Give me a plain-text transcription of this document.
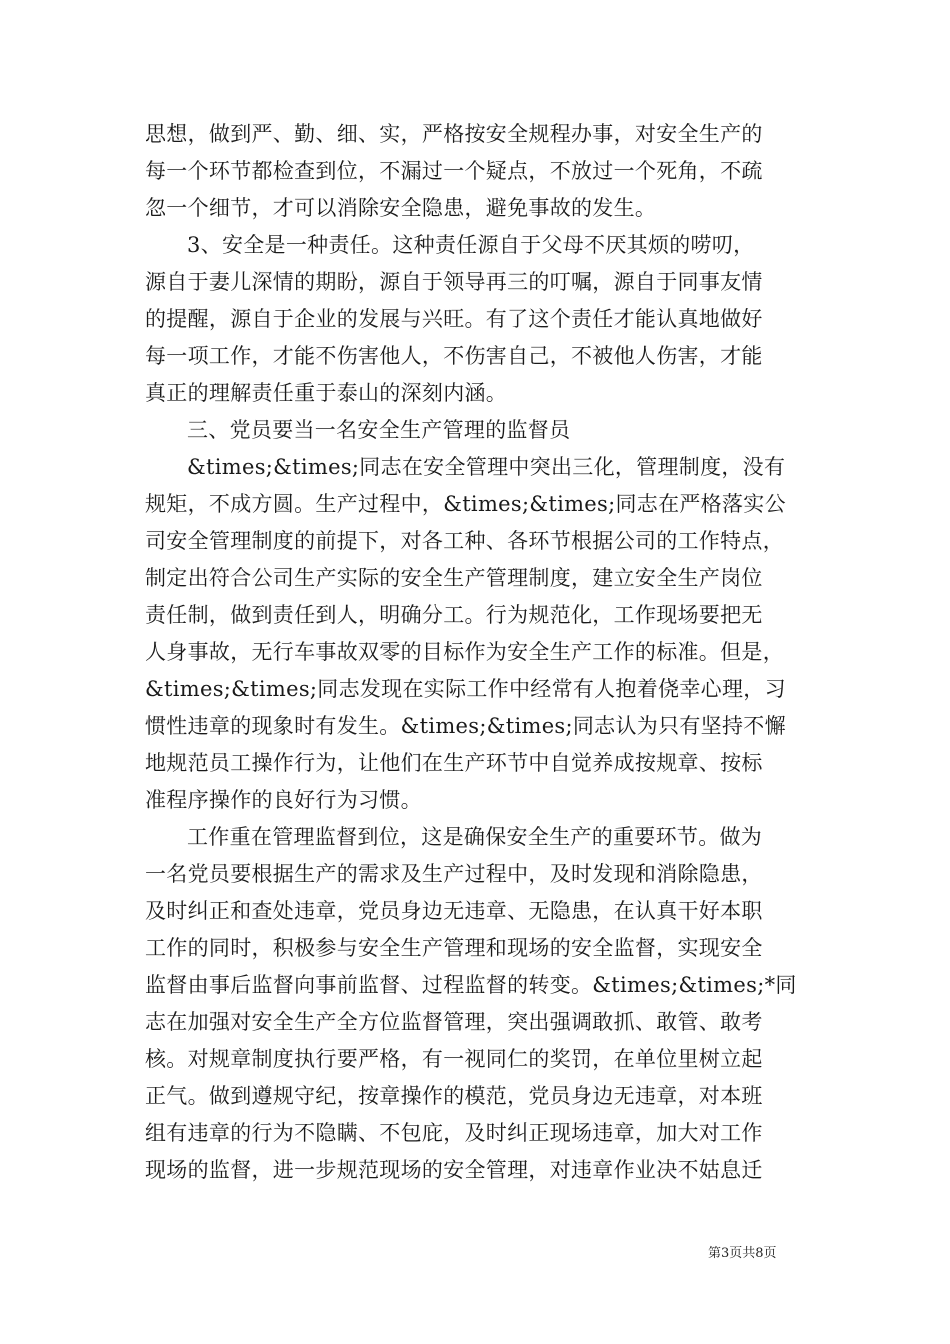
思想，做到严、勤、细、实，严格按安全规程办事，对安全生产的
每一个环节都检查到位，不漏过一个疑点，不放过一个死角，不疏
忽一个细节，才可以消除安全隐患，避免事故的发生。
3、安全是一种责任。这种责任源自于父母不厌其烦的唠叨，
源自于妻儿深情的期盼，源自于领导再三的叮嘱，源自于同事友情
的提醒，源自于企业的发展与兴旺。有了这个责任才能认真地做好
每一项工作，才能不伤害他人，不伤害自己，不被他人伤害，才能
真正的理解责任重于泰山的深刻内涵。
三、党员要当一名安全生产管理的监督员
&times;&times;同志在安全管理中突出三化，管理制度，没有
规矩，不成方圆。生产过程中，&times;&times;同志在严格落实公
司安全管理制度的前提下，对各工种、各环节根据公司的工作特点，
制定出符合公司生产实际的安全生产管理制度，建立安全生产岗位
责任制，做到责任到人，明确分工。行为规范化，工作现场要把无
人身事故，无行车事故双零的目标作为安全生产工作的标准。但是，
&times;&times;同志发现在实际工作中经常有人抱着侥幸心理，习
惯性违章的现象时有发生。&times;&times;同志认为只有坚持不懈
地规范员工操作行为，让他们在生产环节中自觉养成按规章、按标
准程序操作的良好行为习惯。
工作重在管理监督到位，这是确保安全生产的重要环节。做为
一名党员要根据生产的需求及生产过程中，及时发现和消除隐患，
及时纠正和查处违章，党员身边无违章、无隐患，在认真干好本职
工作的同时，积极参与安全生产管理和现场的安全监督，实现安全
监督由事后监督向事前监督、过程监督的转变。&times;&times;*同
志在加强对安全生产全方位监督管理，突出强调敢抓、敢管、敢考
核。对规章制度执行要严格，有一视同仁的奖罚，在单位里树立起
正气。做到遵规守纪，按章操作的模范，党员身边无违章，对本班
组有违章的行为不隐瞒、不包庇，及时纠正现场违章，加大对工作
现场的监督，进一步规范现场的安全管理，对违章作业决不姑息迁
第3页共8页
